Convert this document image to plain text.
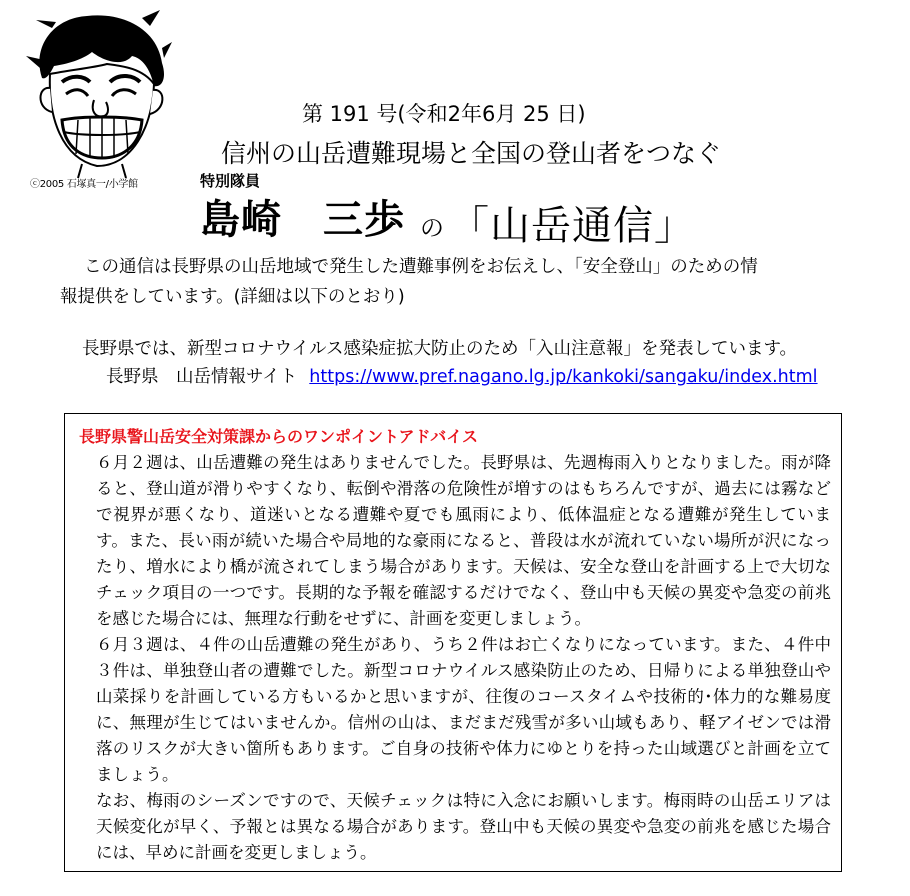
ⓒ2005 石塚真一/小学館
第 191 号(令和2年6月 25 日)
信州の山岳遭難現場と全国の登山者をつなぐ
特別隊員
島崎　三歩 の 「山岳通信」
この通信は長野県の山岳地域で発生した遭難事例をお伝えし、「安全登山」のための情
報提供をしています。(詳細は以下のとおり)
長野県では、新型コロナウイルス感染症拡大防止のため「入山注意報」を発表しています。
長野県　山岳情報サイト https://www.pref.nagano.lg.jp/kankoki/sangaku/index.html
長野県警山岳安全対策課からのワンポイントアドバイス

６月２週は、山岳遭難の発生はありませんでした。長野県は、先週梅雨入りとなりました。雨が降ると、登山道が滑りやすくなり、転倒や滑落の危険性が増すのはもちろんですが、過去には霧などで視界が悪くなり、道迷いとなる遭難や夏でも風雨により、低体温症となる遭難が発生しています。また、長い雨が続いた場合や局地的な豪雨になると、普段は水が流れていない場所が沢になったり、増水により橋が流されてしまう場合があります。天候は、安全な登山を計画する上で大切なチェック項目の一つです。長期的な予報を確認するだけでなく、登山中も天候の異変や急変の前兆を感じた場合には、無理な行動をせずに、計画を変更しましょう。

６月３週は、４件の山岳遭難の発生があり、うち２件はお亡くなりになっています。また、４件中３件は、単独登山者の遭難でした。新型コロナウイルス感染防止のため、日帰りによる単独登山や山菜採りを計画している方もいるかと思いますが、往復のコースタイムや技術的･体力的な難易度に、無理が生じてはいませんか。信州の山は、まだまだ残雪が多い山域もあり、軽アイゼンでは滑落のリスクが大きい箇所もあります。ご自身の技術や体力にゆとりを持った山域選びと計画を立てましょう。

なお、梅雨のシーズンですので、天候チェックは特に入念にお願いします。梅雨時の山岳エリアは天候変化が早く、予報とは異なる場合があります。登山中も天候の異変や急変の前兆を感じた場合には、早めに計画を変更しましょう。
